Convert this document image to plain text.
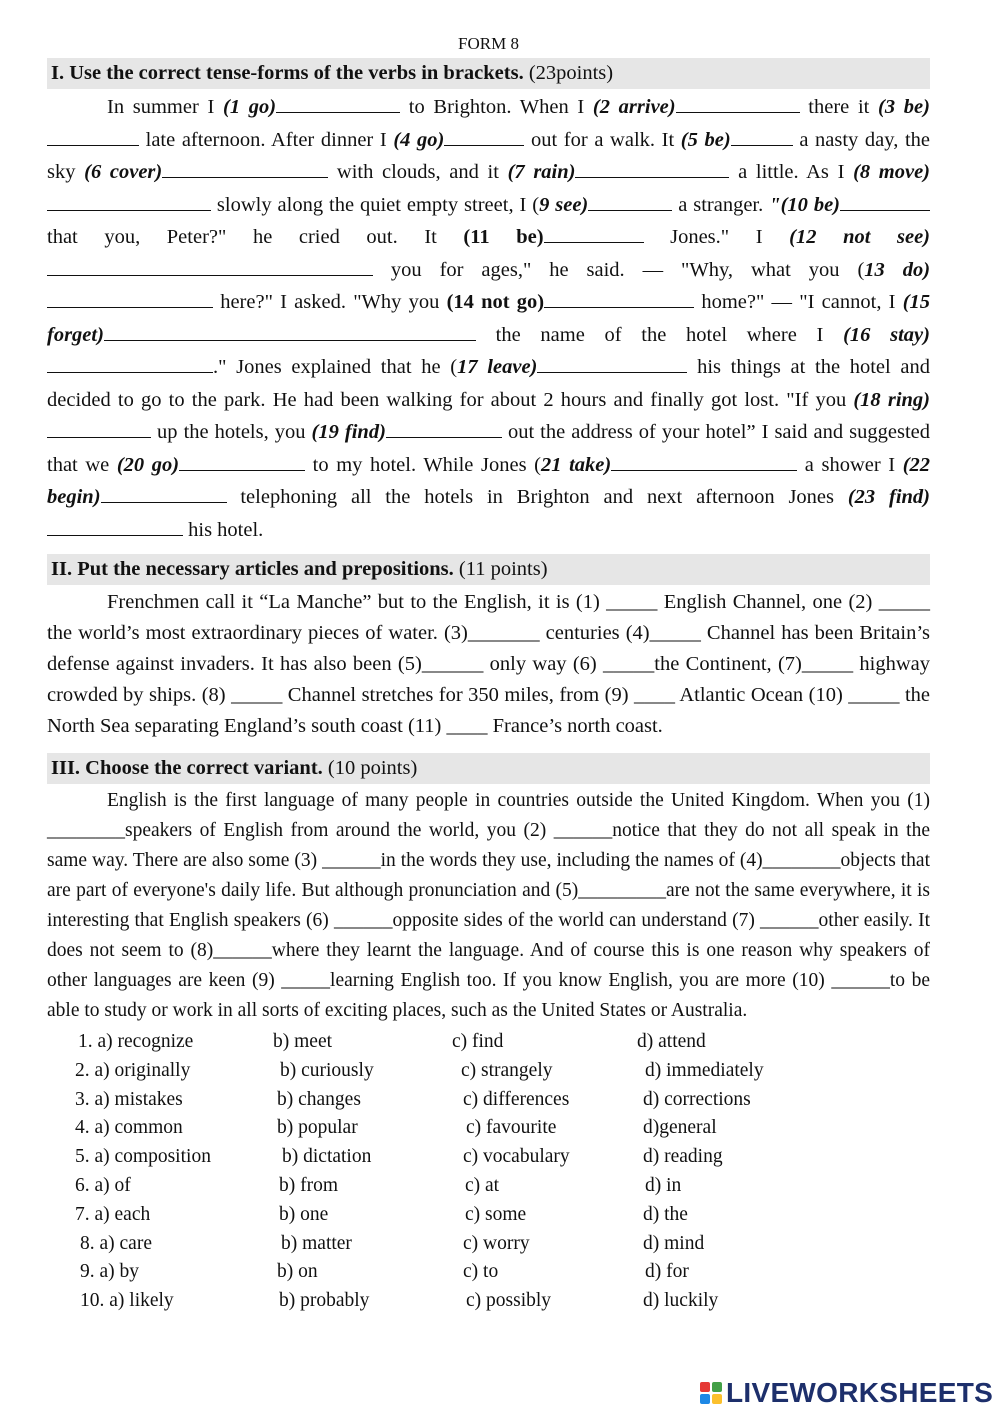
FORM 8
I. Use the correct tense-forms of the verbs in brackets. (23points)

In summer I (1 go)	to Brighton. When I (2 arrive)	there it (3 be) late afternoon. After dinner I (4 go)	out for a walk. It (5 be)	a nasty day, the sky (6 cover)	with clouds, and it (7 rain)	a little. As I (8 move) slowly along the quiet empty street, I (9 see)	a stranger. "(10 be) that you, Peter?" he cried out. It (11 be)	Jones." I (12 not see) you for ages," he said. — "Why, what you (13 do) here?" I asked. "Why you (14 not go)	home?" — "I cannot, I (15 forget)	the name of the hotel where I (16 stay)." Jones explained that he (17 leave)	his things at the hotel and decided to go to the park. He had been walking for about 2 hours and finally got lost. "If you (18 ring) up the hotels, you (19 find)	out the address of your hotel” I said and suggested that we (20 go)	to my hotel. While Jones (21 take)	a shower I (22 begin)	telephoning all the hotels in Brighton and next afternoon Jones (23 find) his hotel.

II. Put the necessary articles and prepositions. (11 points)

Frenchmen call it “La Manche” but to the English, it is (1) _____ English Channel, one (2) _____ the world’s most extraordinary pieces of water. (3)_______ centuries (4)_____ Channel has been Britain’s defense against invaders. It has also been (5)______ only way (6) _____the Continent, (7)_____ highway crowded by ships. (8) _____ Channel stretches for 350 miles, from (9) ____ Atlantic Ocean (10) _____ the North Sea separating England’s south coast (11) ____ France’s north coast.

III. Choose the correct variant. (10 points)

English is the first language of many people in countries outside the United Kingdom. When you (1) ________speakers of English from around the world, you (2) ______notice that they do not all speak in the same way. There are also some (3) ______in the words they use, including the names of (4)________objects that are part of everyone's daily life. But although pronunciation and (5)_________are not the same everywhere, it is interesting that English speakers (6) ______opposite sides of the world can understand (7) ______other easily. It does not seem to (8)______where they learnt the language. And of course this is one reason why speakers of other languages are keen (9) _____learning English too. If you know English, you are more (10) ______to be able to study or work in all sorts of exciting places, such as the United States or Australia.

1. a) recognize	b) meet	c) find	d) attend
2. a) originally	b) curiously	c) strangely	d) immediately
3. a) mistakes	b) changes	c) differences	d) corrections
4. a) common	b) popular	c) favourite	d)general
5. a) composition	b) dictation	c) vocabulary	d) reading
6. a) of	b) from	c) at	d) in
7. a) each	b) one	c) some	d) the
8. a) care	b) matter	c) worry	d) mind
9. a) by	b) on	c) to	d) for
10. a) likely	b) probably	c) possibly	d) luckily
LIVEWORKSHEETS
